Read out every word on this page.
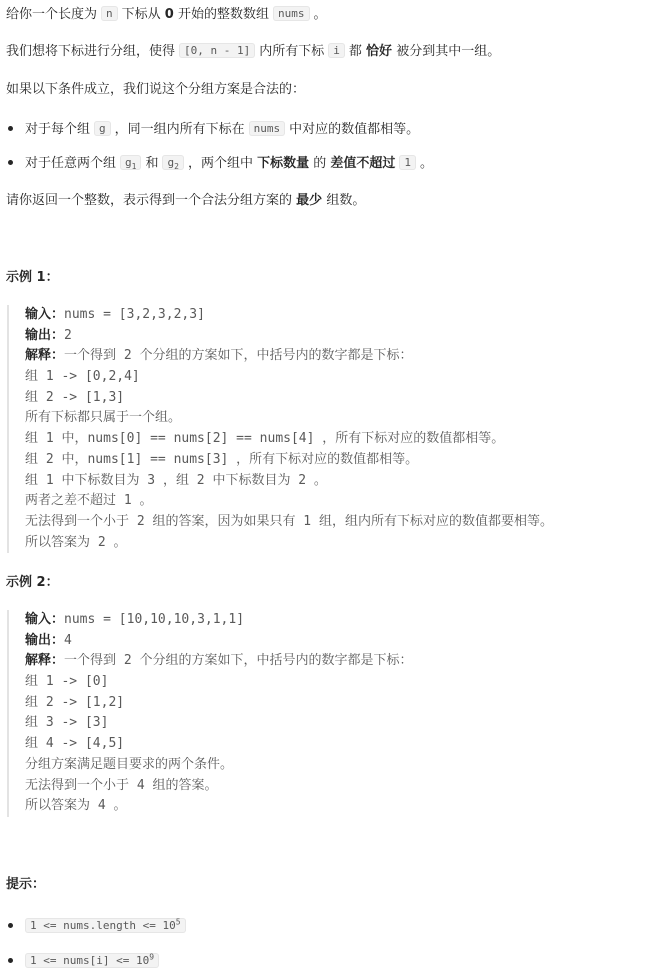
给你一个长度为 n 下标从 0 开始的整数数组 nums 。
我们想将下标进行分组，使得 [0, n - 1] 内所有下标 i 都 恰好 被分到其中一组。
如果以下条件成立，我们说这个分组方案是合法的：
对于每个组 g ，同一组内所有下标在 nums 中对应的数值都相等。
对于任意两个组 $g_1$ 和 $g_2$ ，两个组中 下标数量 的 差值不超过 1 。
请你返回一个整数，表示得到一个合法分组方案的 最少 组数。
示例 1：
输入：nums = [3,2,3,2,3]
输出：2
解释：一个得到 2 个分组的方案如下，中括号内的数字都是下标：
组 1 -> [0,2,4]
组 2 -> [1,3]
所有下标都只属于一个组。
组 1 中，nums[0] == nums[2] == nums[4] ，所有下标对应的数值都相等。
组 2 中，nums[1] == nums[3] ，所有下标对应的数值都相等。
组 1 中下标数目为 3 ，组 2 中下标数目为 2 。
两者之差不超过 1 。
无法得到一个小于 2 组的答案，因为如果只有 1 组，组内所有下标对应的数值都要相等。
所以答案为 2 。
示例 2：
输入：nums = [10,10,10,3,1,1]
输出：4
解释：一个得到 2 个分组的方案如下，中括号内的数字都是下标：
组 1 -> [0]
组 2 -> [1,2]
组 3 -> [3]
组 4 -> [4,5]
分组方案满足题目要求的两个条件。
无法得到一个小于 4 组的答案。
所以答案为 4 。
提示：
1 <= nums.length <= $10^5$
1 <= nums[i] <= $10^9$
